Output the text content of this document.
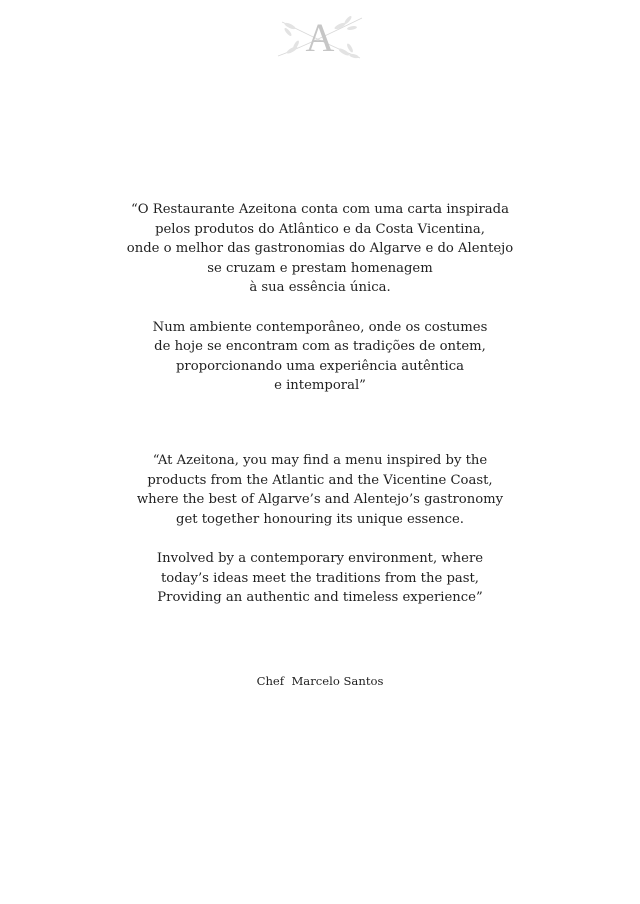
A
“O Restaurante Azeitona conta com uma carta inspirada
pelos produtos do Atlântico e da Costa Vicentina,
onde o melhor das gastronomias do Algarve e do Alentejo
se cruzam e prestam homenagem
à sua essência única.
Num ambiente contemporâneo, onde os costumes
de hoje se encontram com as tradições de ontem,
proporcionando uma experiência autêntica
e intemporal”
“At Azeitona, you may find a menu inspired by the
products from the Atlantic and the Vicentine Coast,
where the best of Algarve’s and Alentejo’s gastronomy
get together honouring its unique essence.
Involved by a contemporary environment, where
today’s ideas meet the traditions from the past,
Providing an authentic and timeless experience”
Chef  Marcelo Santos
